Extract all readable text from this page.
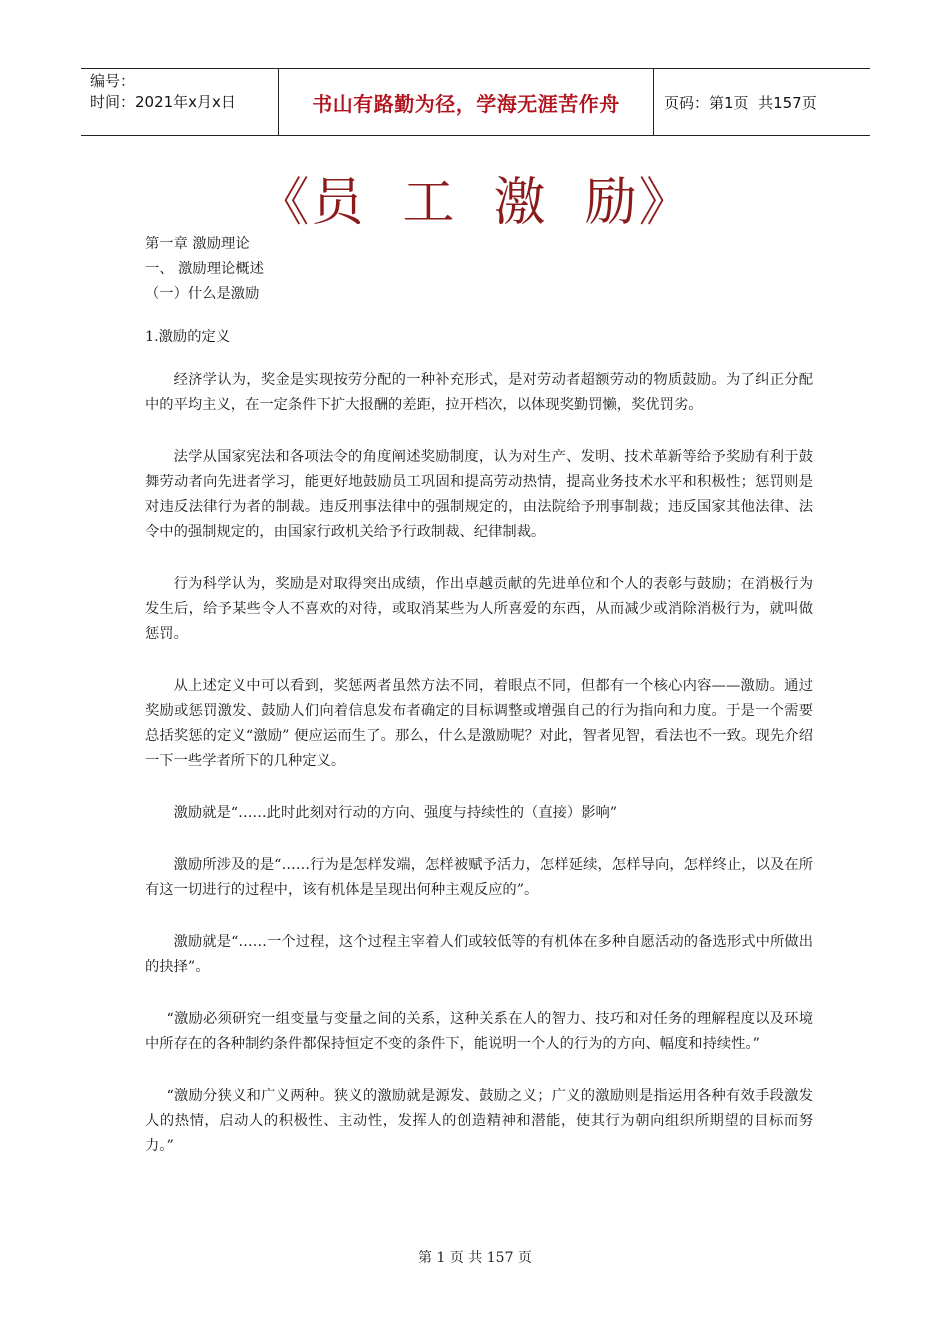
编号：
时间：2021年x月x日	书山有路勤为径，学海无涯苦作舟	页码：第1页  共157页
《员  工  激  励》

第一章 激励理论

一、 激励理论概述

（一）什么是激励

1.激励的定义

经济学认为，奖金是实现按劳分配的一种补充形式，是对劳动者超额劳动的物质鼓励。为了纠正分配中的平均主义，在一定条件下扩大报酬的差距，拉开档次，以体现奖勤罚懒，奖优罚劣。

法学从国家宪法和各项法令的角度阐述奖励制度，认为对生产、发明、技术革新等给予奖励有利于鼓舞劳动者向先进者学习，能更好地鼓励员工巩固和提高劳动热情，提高业务技术水平和积极性；惩罚则是对违反法律行为者的制裁。违反刑事法律中的强制规定的，由法院给予刑事制裁；违反国家其他法律、法令中的强制规定的，由国家行政机关给予行政制裁、纪律制裁。

行为科学认为，奖励是对取得突出成绩，作出卓越贡献的先进单位和个人的表彰与鼓励；在消极行为发生后，给予某些令人不喜欢的对待，或取消某些为人所喜爱的东西，从而减少或消除消极行为，就叫做惩罚。

从上述定义中可以看到，奖惩两者虽然方法不同，着眼点不同，但都有一个核心内容——激励。通过奖励或惩罚激发、鼓励人们向着信息发布者确定的目标调整或增强自己的行为指向和力度。于是一个需要总括奖惩的定义“激励” 便应运而生了。那么，什么是激励呢？对此，智者见智，看法也不一致。现先介绍一下一些学者所下的几种定义。

激励就是“……此时此刻对行动的方向、强度与持续性的（直接）影响”

激励所涉及的是“……行为是怎样发端，怎样被赋予活力，怎样延续，怎样导向，怎样终止，以及在所有这一切进行的过程中，该有机体是呈现出何种主观反应的”。

激励就是“……一个过程，这个过程主宰着人们或较低等的有机体在多种自愿活动的备选形式中所做出的抉择”。

“激励必须研究一组变量与变量之间的关系，这种关系在人的智力、技巧和对任务的理解程度以及环境中所存在的各种制约条件都保持恒定不变的条件下，能说明一个人的行为的方向、幅度和持续性。”

“激励分狭义和广义两种。狭义的激励就是源发、鼓励之义；广义的激励则是指运用各种有效手段激发人的热情，启动人的积极性、主动性，发挥人的创造精神和潜能，使其行为朝向组织所期望的目标而努力。”

第 1 页 共 157 页
